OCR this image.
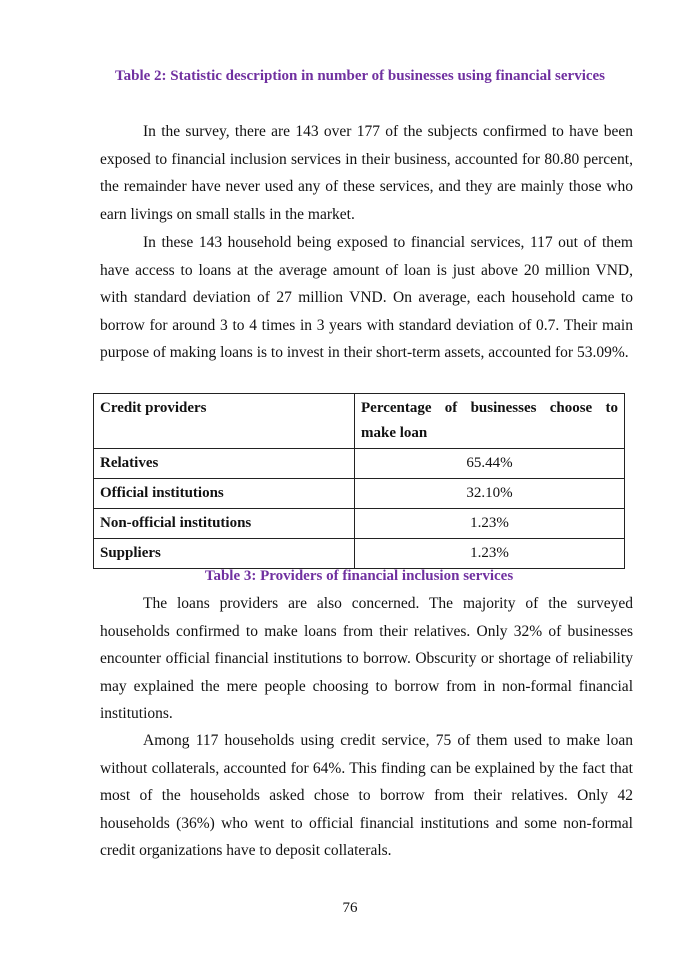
Table 2: Statistic description in number of businesses using financial services

In the survey, there are 143 over 177 of the subjects confirmed to have been exposed to financial inclusion services in their business, accounted for 80.80 percent, the remainder have never used any of these services, and they are mainly those who earn livings on small stalls in the market.

In these 143 household being exposed to financial services, 117 out of them have access to loans at the average amount of loan is just above 20 million VND, with standard deviation of 27 million VND. On average, each household came to borrow for around 3 to 4 times in 3 years with standard deviation of 0.7. Their main purpose of making loans is to invest in their short-term assets, accounted for 53.09%.

Credit providers	Percentage of businesses choose to make loan
Relatives	65.44%
Official institutions	32.10%
Non-official institutions	1.23%
Suppliers	1.23%
Table 3: Providers of financial inclusion services

The loans providers are also concerned. The majority of the surveyed households confirmed to make loans from their relatives. Only 32% of businesses encounter official financial institutions to borrow. Obscurity or shortage of reliability may explained the mere people choosing to borrow from in non-formal financial institutions.

Among 117 households using credit service, 75 of them used to make loan without collaterals, accounted for 64%. This finding can be explained by the fact that most of the households asked chose to borrow from their relatives. Only 42 households (36%) who went to official financial institutions and some non-formal credit organizations have to deposit collaterals.

76
